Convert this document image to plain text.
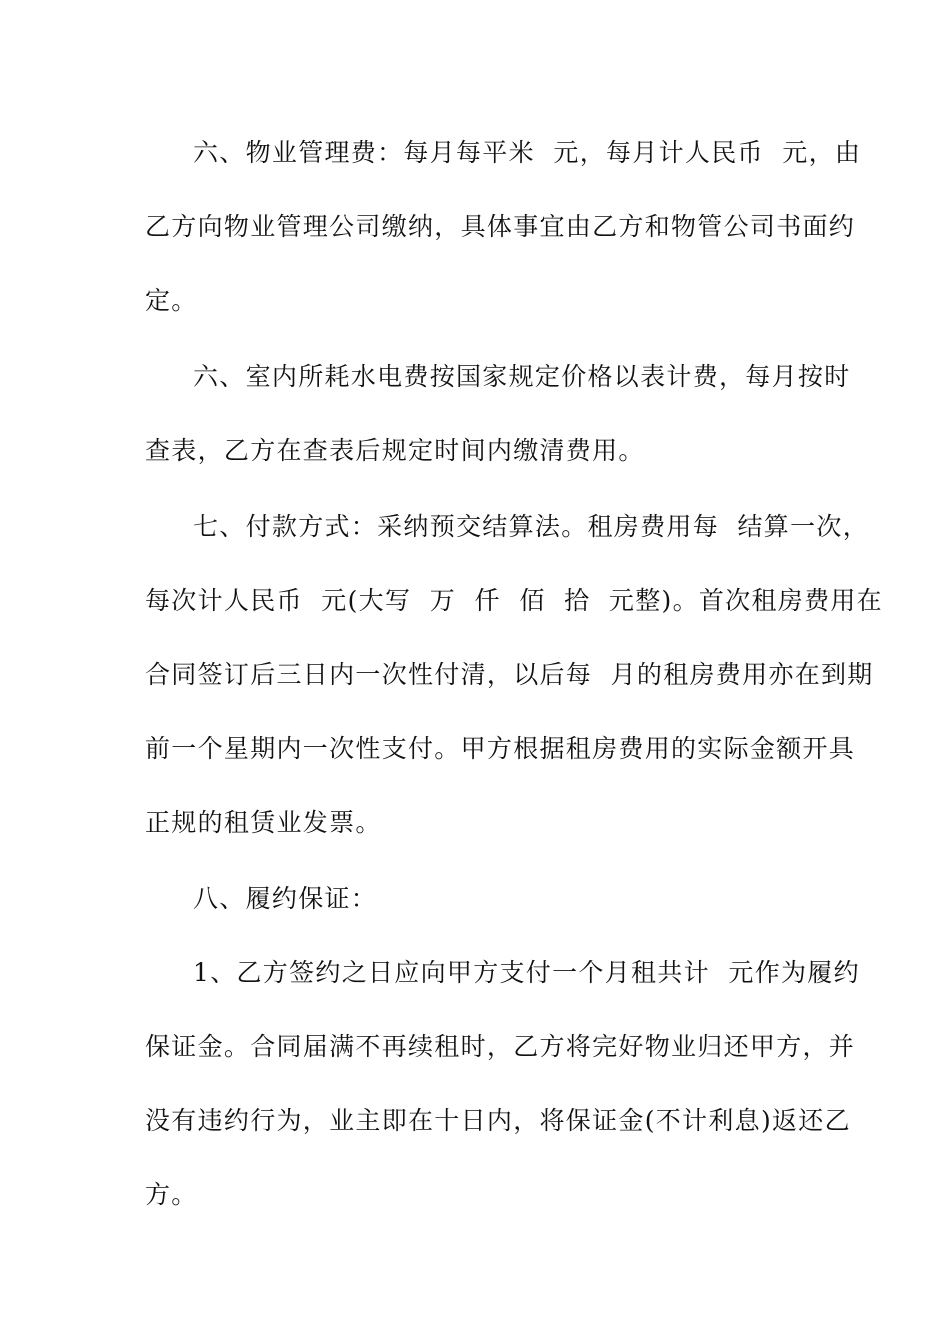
六、物业管理费：每月每平米  元，每月计人民币  元，由
乙方向物业管理公司缴纳，具体事宜由乙方和物管公司书面约
定。
六、室内所耗水电费按国家规定价格以表计费，每月按时
查表，乙方在查表后规定时间内缴清费用。
七、付款方式：采纳预交结算法。租房费用每  结算一次，
每次计人民币  元(大写  万  仟  佰  拾  元整)。首次租房费用在
合同签订后三日内一次性付清，以后每  月的租房费用亦在到期
前一个星期内一次性支付。甲方根据租房费用的实际金额开具
正规的租赁业发票。
八、履约保证：
1、乙方签约之日应向甲方支付一个月租共计  元作为履约
保证金。合同届满不再续租时，乙方将完好物业归还甲方，并
没有违约行为，业主即在十日内，将保证金(不计利息)返还乙
方。
